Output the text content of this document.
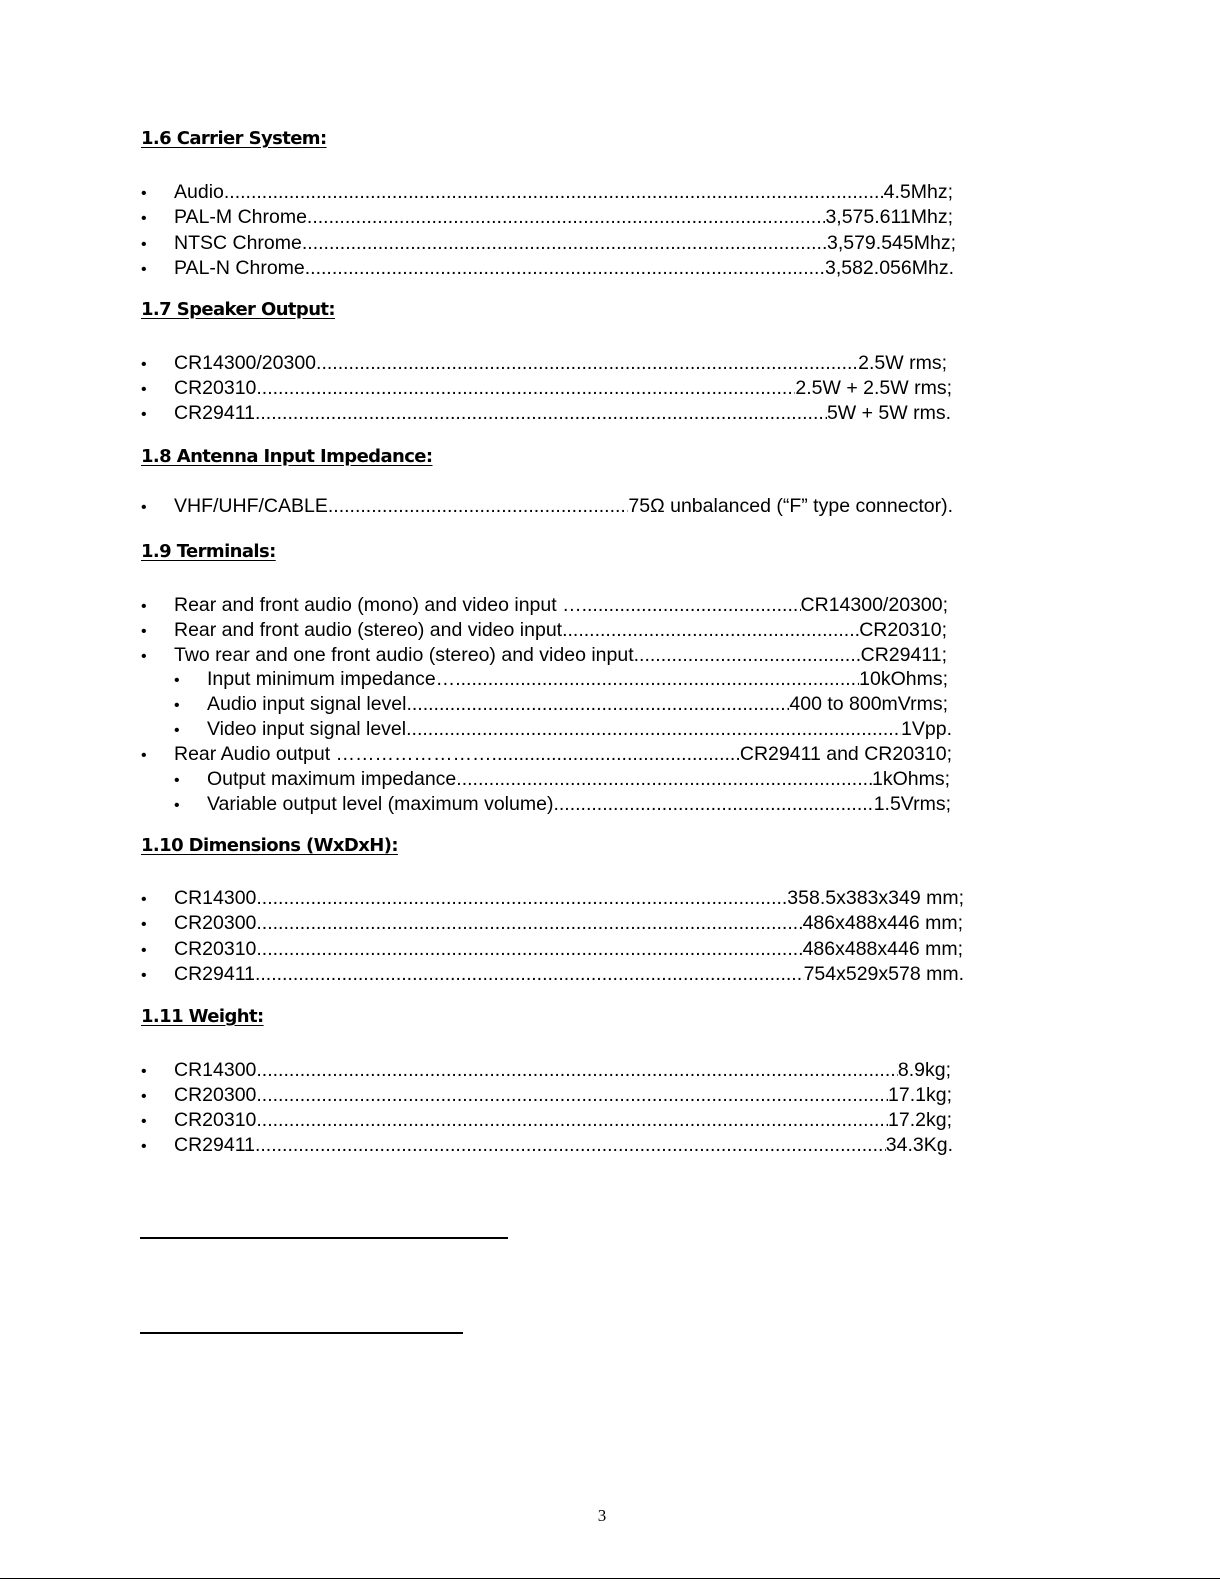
1.6 Carrier System:
•	Audio .....	4.5Mhz;
•	PAL-M Chrome .....	3,575.611Mhz;
•	NTSC Chrome .....	3,579.545Mhz;
•	PAL-N Chrome .....	3,582.056Mhz.
1.7 Speaker Output:
•	CR14300/20300 .....	2.5W rms;
•	CR20310 .....	2.5W + 2.5W rms;
•	CR29411 .....	5W + 5W rms.
1.8 Antenna Input Impedance:
•	VHF/UHF/CABLE .....	75Ω unbalanced (“F” type connector).
1.9 Terminals:
•	Rear and front audio (mono) and video input … .....	CR14300/20300;
•	Rear and front audio (stereo) and video input .....	CR20310;
•	Two rear and one front audio (stereo) and video input .....	CR29411;
•	Input minimum impedance… .....	10kOhms;
•	Audio input signal level .....	400 to 800mVrms;
•	Video input signal level .....	1Vpp.
•	Rear Audio output ……………………. .....	CR29411 and CR20310;
•	Output maximum impedance .....	1kOhms;
•	Variable output level (maximum volume) .....	1.5Vrms;
1.10 Dimensions (WxDxH):
•	CR14300 .....	358.5x383x349 mm;
•	CR20300 .....	486x488x446 mm;
•	CR20310 .....	486x488x446 mm;
•	CR29411 .....	754x529x578 mm.
1.11 Weight:
•	CR14300 .....	8.9kg;
•	CR20300 .....	17.1kg;
•	CR20310 .....	17.2kg;
•	CR29411 .....	34.3Kg.
3
